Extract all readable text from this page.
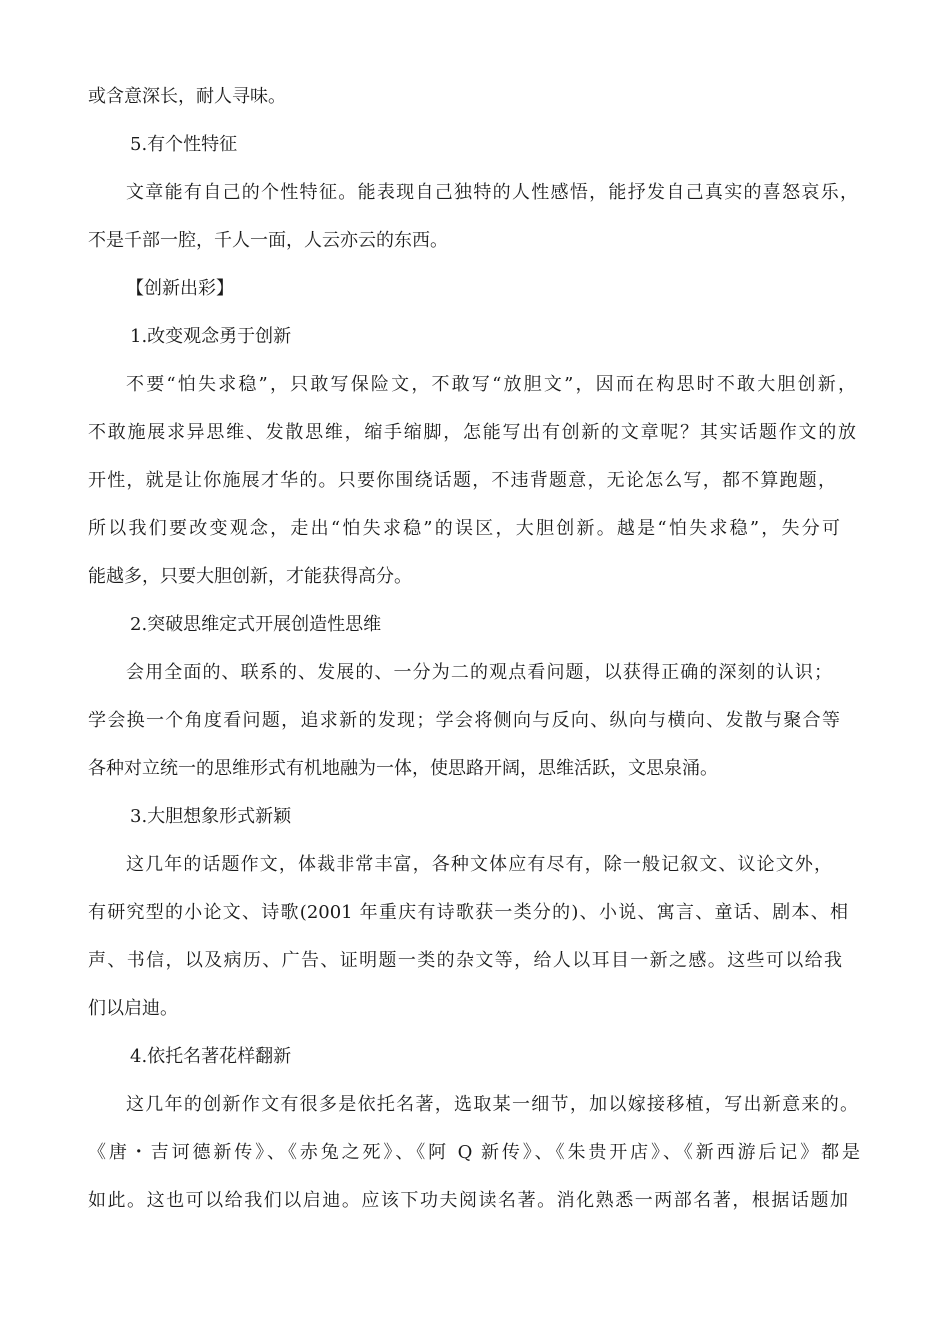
或含意深长，耐人寻味。
5.有个性特征
文章能有自己的个性特征。能表现自己独特的人性感悟，能抒发自己真实的喜怒哀乐，
不是千部一腔，千人一面，人云亦云的东西。
【创新出彩】
1.改变观念勇于创新
不要“怕失求稳”，只敢写保险文，不敢写“放胆文”，因而在构思时不敢大胆创新，
不敢施展求异思维、发散思维，缩手缩脚，怎能写出有创新的文章呢？其实话题作文的放
开性，就是让你施展才华的。只要你围绕话题，不违背题意，无论怎么写，都不算跑题，
所以我们要改变观念，走出“怕失求稳”的误区，大胆创新。越是“怕失求稳”，失分可
能越多，只要大胆创新，才能获得高分。
2.突破思维定式开展创造性思维
会用全面的、联系的、发展的、一分为二的观点看问题，以获得正确的深刻的认识；
学会换一个角度看问题，追求新的发现；学会将侧向与反向、纵向与横向、发散与聚合等
各种对立统一的思维形式有机地融为一体，使思路开阔，思维活跃，文思泉涌。
3.大胆想象形式新颖
这几年的话题作文，体裁非常丰富，各种文体应有尽有，除一般记叙文、议论文外，
有研究型的小论文、诗歌(2001 年重庆有诗歌获一类分的)、小说、寓言、童话、剧本、相
声、书信，以及病历、广告、证明题一类的杂文等，给人以耳目一新之感。这些可以给我
们以启迪。
4.依托名著花样翻新
这几年的创新作文有很多是依托名著，选取某一细节，加以嫁接移植，写出新意来的。
《唐・吉诃德新传》、《赤兔之死》、《阿 Q 新传》、《朱贵开店》、《新西游后记》都是
如此。这也可以给我们以启迪。应该下功夫阅读名著。消化熟悉一两部名著，根据话题加
